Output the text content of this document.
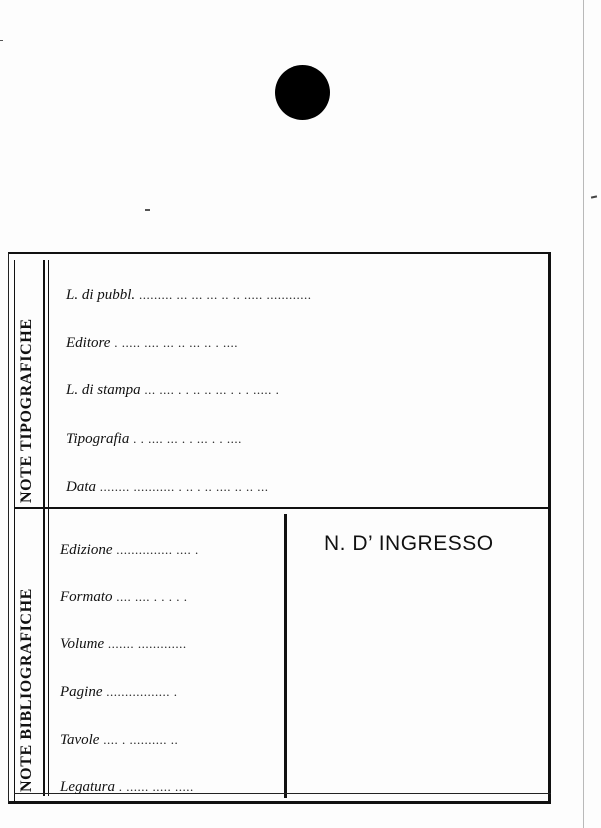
NOTE TIPOGRAFICHE
NOTE BIBLIOGRAFICHE
L. di pubbl. ......... ... ... ... .. .. ..... ............
Editore . ..... .... ... .. ... .. . ....
L. di stampa ... .... . . .. .. ... . . . ..... .
Tipografia . . .... ... . . ... . . ....
Data ........ ........... . .. . .. .... .. .. ...
Edizione ............... .... .
Formato .... .... . . . . .
Volume ....... .............
Pagine ................. .
Tavole .... . .......... ..
Legatura . ...... ..... .....
N. D’ INGRESSO
